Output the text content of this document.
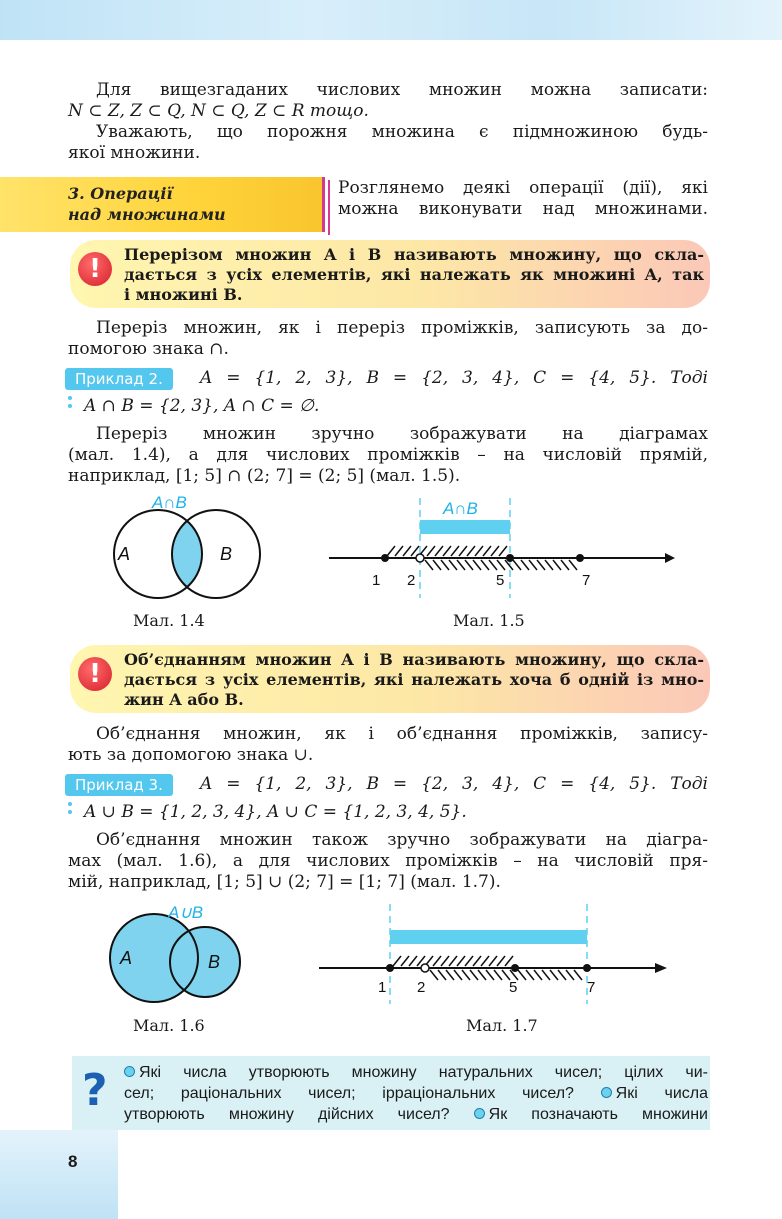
Для вищезгаданих числових множин можна записати:
N ⊂ Z, Z ⊂ Q, N ⊂ Q, Z ⊂ R тощо.
Уважають, що порожня множина є підмножиною будь-
якої множини.
3. Операції
над множинами
Розглянемо деякі операції (дії), які
можна виконувати над множинами.
!	Перерізом множин A і B називають множину, що скла-
дається з усіх елементів, які належать як множині A, так
і множині B.
Переріз множин, як і переріз проміжків, записують за до-
помогою знака ∩.
Приклад 2.	A = {1, 2, 3}, B = {2, 3, 4}, C = {4, 5}. Тоді
A ∩ B = {2, 3}, A ∩ C = ∅.
Переріз множин зручно зображувати на діаграмах
(мал. 1.4), а для числових проміжків – на числовій прямій,
наприклад, [1; 5] ∩ (2; 7] = (2; 5] (мал. 1.5).
A∩B
A	B
Мал. 1.4
A∩B
1 2	5	7
Мал. 1.5
!	Об’єднанням множин A і B називають множину, що скла-
дається з усіх елементів, які належать хоча б одній із мно-
жин A або B.
Об’єднання множин, як і об’єднання проміжків, запису-
ють за допомогою знака ∪.
Приклад 3.	A = {1, 2, 3}, B = {2, 3, 4}, C = {4, 5}. Тоді
A ∪ B = {1, 2, 3, 4}, A ∪ C = {1, 2, 3, 4, 5}.
Об’єднання множин також зручно зображувати на діагра-
мах (мал. 1.6), а для числових проміжків – на числовій пря-
мій, наприклад, [1; 5] ∪ (2; 7] = [1; 7] (мал. 1.7).
A∪B
A	B
Мал. 1.6
A∪B
1 2	5	7
Мал. 1.7
?	Які числа утворюють множину натуральних чисел; цілих чи-
сел; раціональних чисел; ірраціональних чисел?	Які числа
утворюють множину дійсних чисел? Як позначають множини
8
